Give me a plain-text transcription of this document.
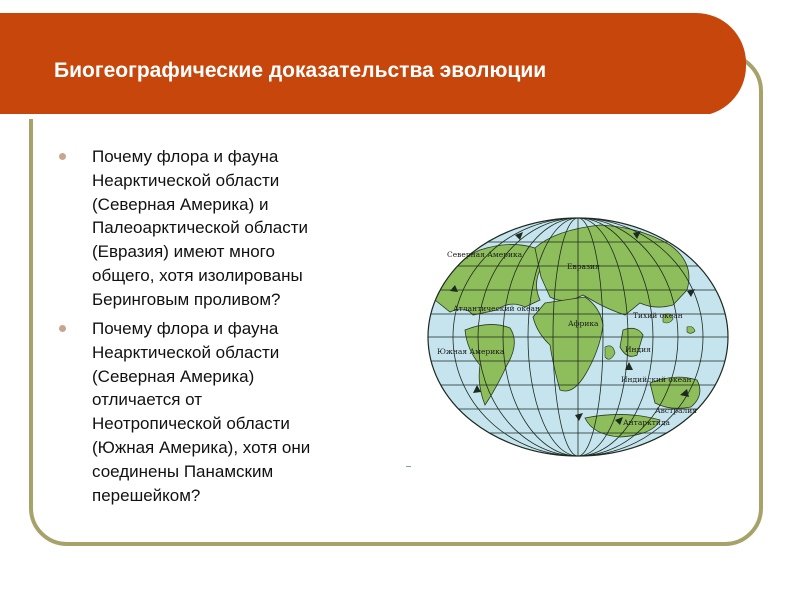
Биогеографические доказательства эволюции
Почему флора и фауна
Неарктической области
(Северная Америка) и
Палеоарктической области
(Евразия) имеют много
общего, хотя изолированы
Беринговым проливом?
Почему флора и фауна
Неарктической области
(Северная Америка)
отличается от
Неотропической области
(Южная Америка), хотя они
соединены Панамским
перешейком?
Северная Америка
Евразия
Атлантический океан
Тихий океан
Африка
Южная Америка	Индия
Индийский океан
Австралия
Антарктида
